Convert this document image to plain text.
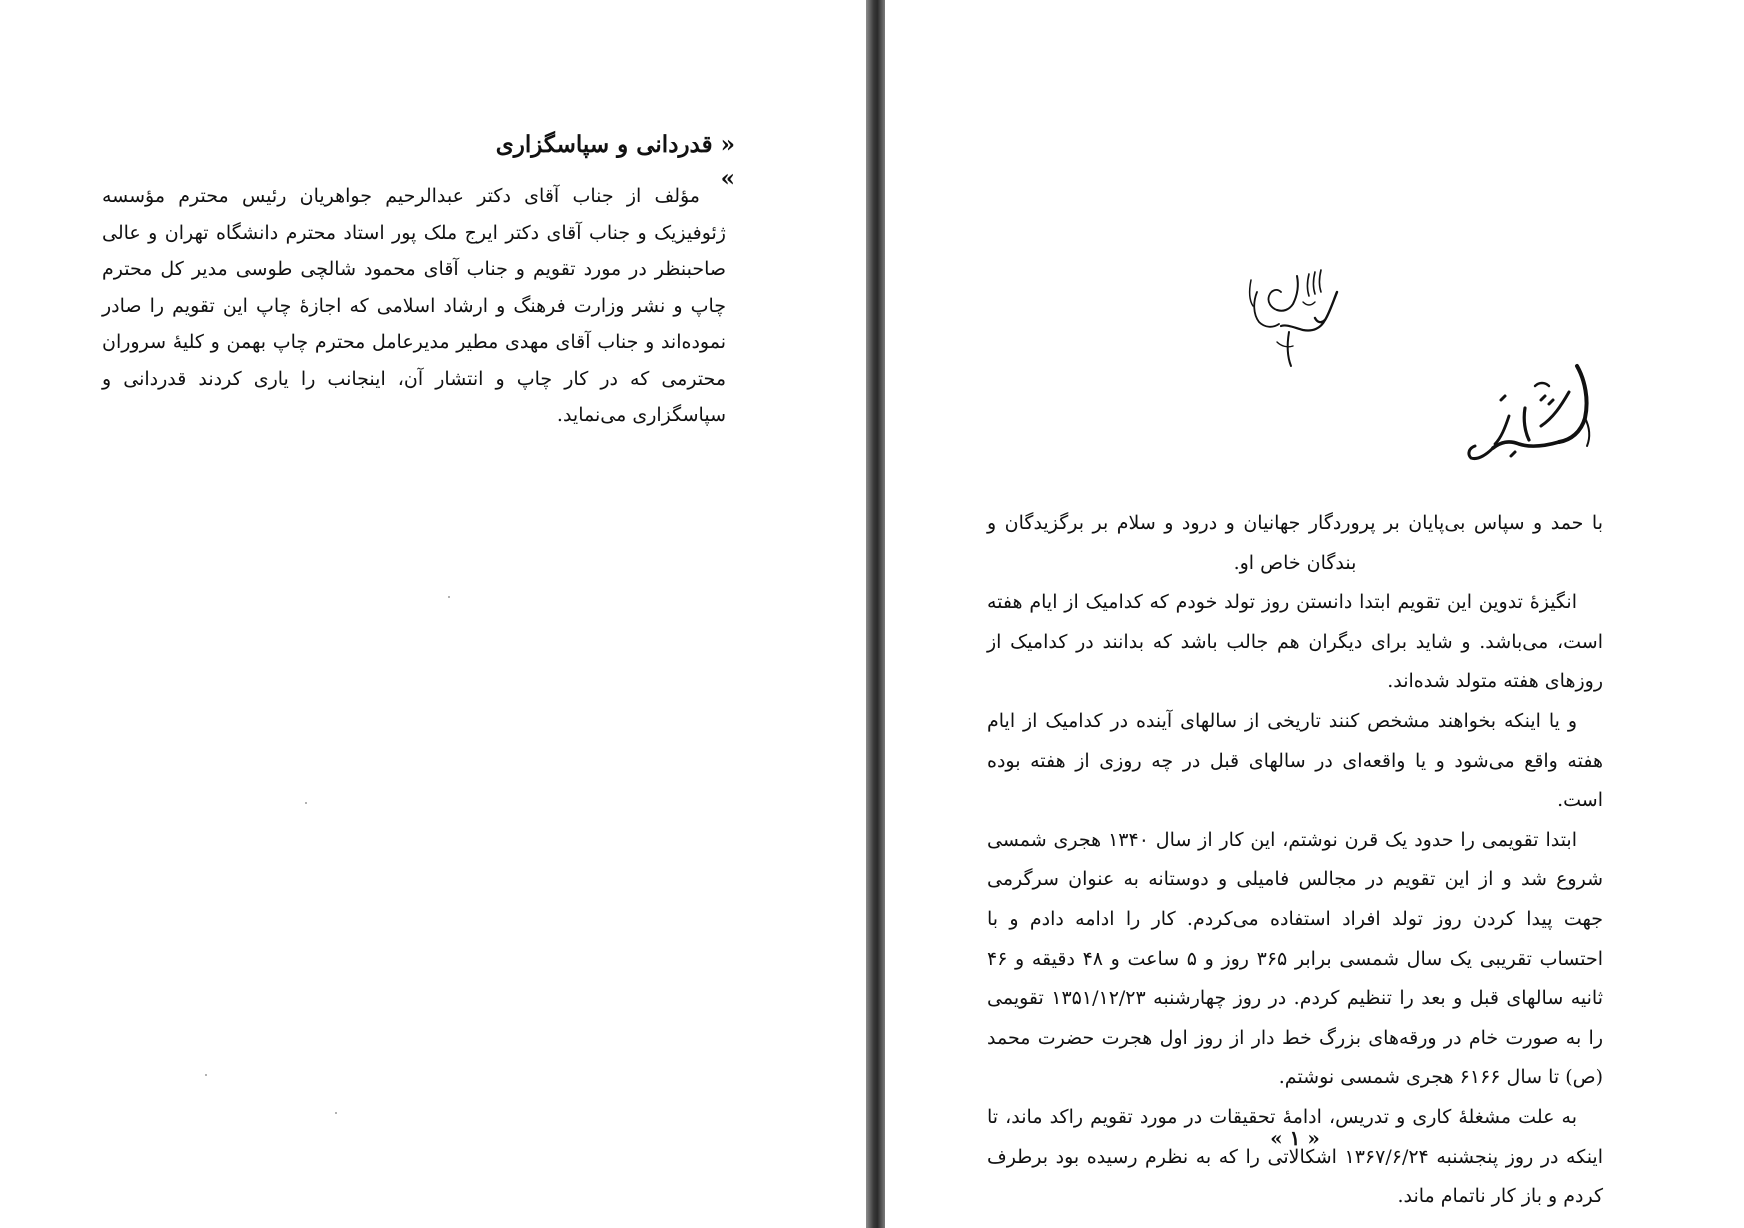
« قدردانی و سپاسگزاری »

مؤلف از جناب آقای دکتر عبدالرحیم جواهریان رئیس محترم مؤسسه ژئوفیزیک و جناب آقای دکتر ایرج ملک پور استاد محترم دانشگاه تهران و عالی صاحبنظر در مورد تقویم و جناب آقای محمود شالچی طوسی مدیر کل محترم چاپ و نشر وزارت فرهنگ و ارشاد اسلامی که اجازهٔ چاپ این تقویم را صادر نموده‌اند و جناب آقای مهدی مطیر مدیرعامل محترم چاپ بهمن و کلیهٔ سروران محترمی که در کار چاپ و انتشار آن، اینجانب را یاری کردند قدردانی و سپاسگزاری می‌نماید.

با حمد و سپاس بی‌پایان بر پروردگار جهانیان و درود و سلام بر برگزیدگان و بندگان خاص او.

انگیزهٔ تدوین این تقویم ابتدا دانستن روز تولد خودم که کدامیک از ایام هفته است، می‌باشد. و شاید برای دیگران هم جالب باشد که بدانند در کدامیک از روزهای هفته متولد شده‌اند.

و یا اینکه بخواهند مشخص کنند تاریخی از سالهای آینده در کدامیک از ایام هفته واقع می‌شود و یا واقعه‌ای در سالهای قبل در چه روزی از هفته بوده است.

ابتدا تقویمی را حدود یک قرن نوشتم، این کار از سال ۱۳۴۰ هجری شمسی شروع شد و از این تقویم در مجالس فامیلی و دوستانه به عنوان سرگرمی جهت پیدا کردن روز تولد افراد استفاده می‌کردم. کار را ادامه دادم و با احتساب تقریبی یک سال شمسی برابر ۳۶۵ روز و ۵ ساعت و ۴۸ دقیقه و ۴۶ ثانیه سالهای قبل و بعد را تنظیم کردم. در روز چهارشنبه ۱۳۵۱/۱۲/۲۳ تقویمی را به صورت خام در ورقه‌های بزرگ خط دار از روز اول هجرت حضرت محمد (ص) تا سال ۶۱۶۶ هجری شمسی نوشتم.

به علت مشغلهٔ کاری و تدریس، ادامهٔ تحقیقات در مورد تقویم راکد ماند، تا اینکه در روز پنجشنبه ۱۳۶۷/۶/۲۴ اشکالاتی را که به نظرم رسیده بود برطرف کردم و باز کار ناتمام ماند.

« ۱ »
